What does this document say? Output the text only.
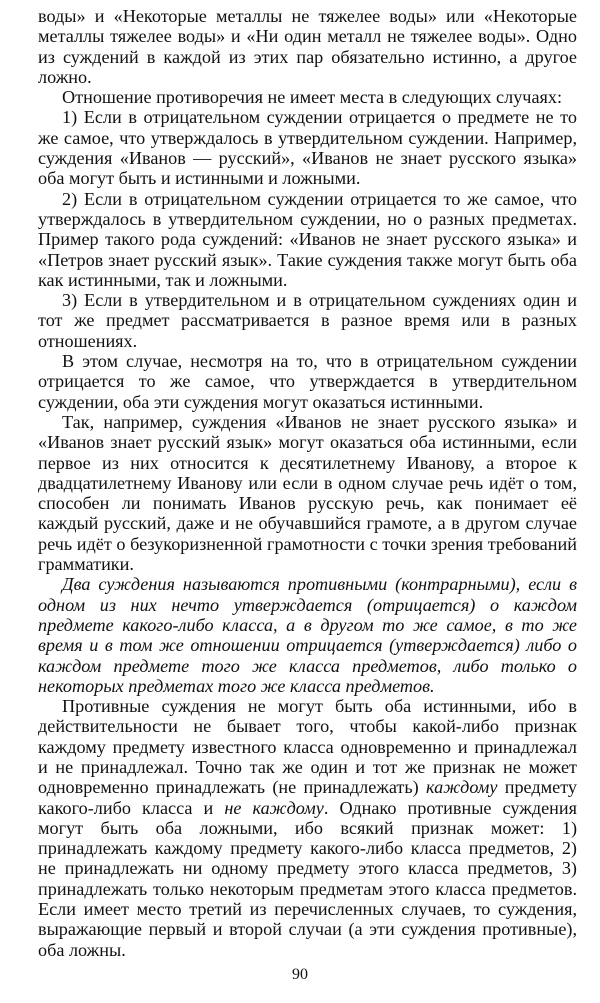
воды» и «Некоторые металлы не тяжелее воды» или «Некоторые металлы тяжелее воды» и «Ни один металл не тяжелее воды». Одно из суждений в каждой из этих пар обязательно истинно, а другое ложно.

Отношение противоречия не имеет места в следующих случаях:

1) Если в отрицательном суждении отрицается о предмете не то же самое, что утверждалось в утвердительном суждении. Например, суждения «Иванов — русский», «Иванов не знает русского языка» оба могут быть и истинными и ложными.

2) Если в отрицательном суждении отрицается то же самое, что утверждалось в утвердительном суждении, но о разных предметах. Пример такого рода суждений: «Иванов не знает русского языка» и «Петров знает русский язык». Такие суждения также могут быть оба как истинными, так и ложными.

3) Если в утвердительном и в отрицательном суждениях один и тот же предмет рассматривается в разное время или в разных отношениях.

В этом случае, несмотря на то, что в отрицательном суждении отрицается то же самое, что утверждается в утвердительном суждении, оба эти суждения могут оказаться истинными.

Так, например, суждения «Иванов не знает русского языка» и «Иванов знает русский язык» могут оказаться оба истинными, если первое из них относится к десятилетнему Иванову, а второе к двадцатилетнему Иванову или если в одном случае речь идёт о том, способен ли понимать Иванов русскую речь, как понимает её каждый русский, даже и не обучавшийся грамоте, а в другом случае речь идёт о безукоризненной грамотности с точки зрения требований грамматики.

Два суждения называются противными (контрарными), если в одном из них нечто утверждается (отрицается) о каждом предмете какого-либо класса, а в другом то же самое, в то же время и в том же отношении отрицается (утверждается) либо о каждом предмете того же класса предметов, либо только о некоторых предметах того же класса предметов.

Противные суждения не могут быть оба истинными, ибо в действительности не бывает того, чтобы какой-либо признак каждому предмету известного класса одновременно и принадлежал и не принадлежал. Точно так же один и тот же признак не может одновременно принадлежать (не принадлежать) каждому предмету какого-либо класса и не каждому. Однако противные суждения могут быть оба ложными, ибо всякий признак может: 1) принадлежать каждому предмету какого-либо класса предметов, 2) не принадлежать ни одному предмету этого класса предметов, 3) принадлежать только некоторым предметам этого класса предметов. Если имеет место третий из перечисленных случаев, то суждения, выражающие первый и второй случаи (а эти суждения противные), оба ложны.

90
